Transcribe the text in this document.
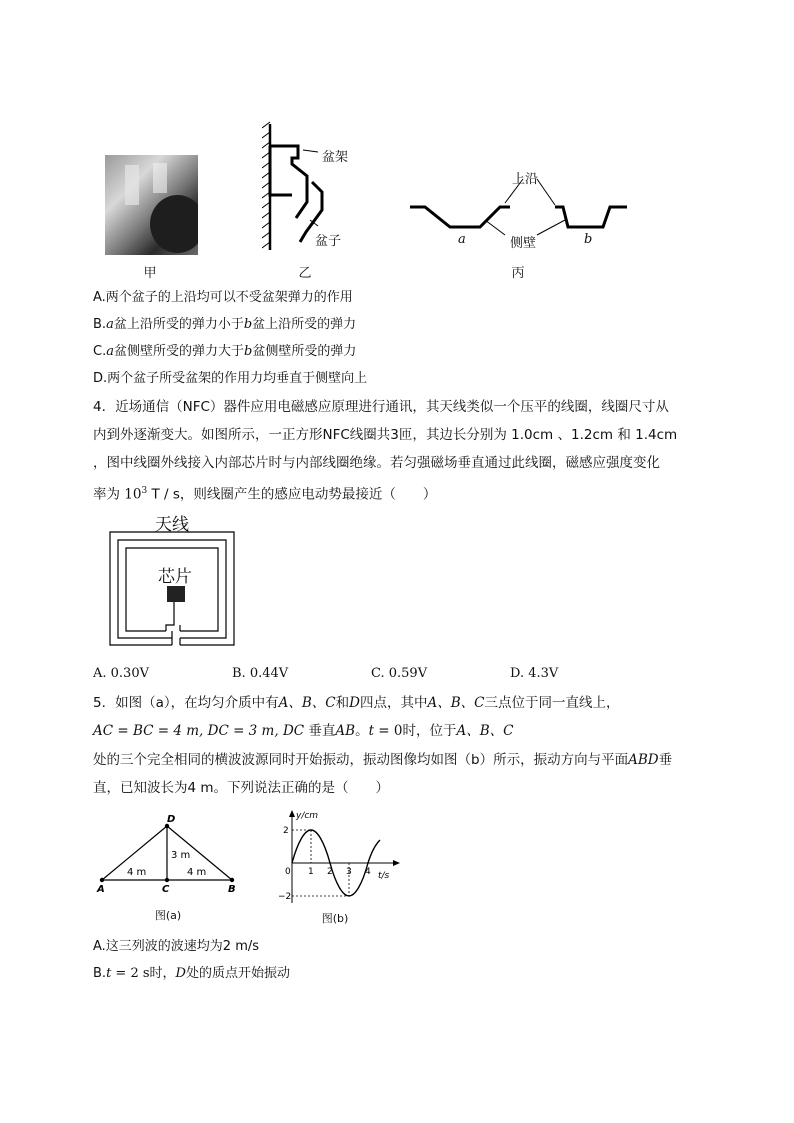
甲
盆架
盆子
乙
上沿
侧壁
a	b
丙
A.两个盆子的上沿均可以不受盆架弹力的作用
B.a盆上沿所受的弹力小于b盆上沿所受的弹力
C.a盆侧壁所受的弹力大于b盆侧壁所受的弹力
D.两个盆子所受盆架的作用力均垂直于侧壁向上
4．近场通信（NFC）器件应用电磁感应原理进行通讯，其天线类似一个压平的线圈，线圈尺寸从
内到外逐渐变大。如图所示，一正方形NFC线圈共3匝，其边长分别为 1.0cm 、1.2cm 和 1.4cm
，图中线圈外线接入内部芯片时与内部线圈绝缘。若匀强磁场垂直通过此线圈，磁感应强度变化
率为 $10^3$ T / s，则线圈产生的感应电动势最接近（　　）
天线
芯片
A. 0.30V	B. 0.44V	C. 0.59V	D. 4.3V
5．如图（a），在均匀介质中有A、B、C和D四点，其中A、B、C三点位于同一直线上，
AC = BC = 4 m, DC = 3 m, DC 垂直AB。t = 0时，位于A、B、C
处的三个完全相同的横波波源同时开始振动，振动图像均如图（b）所示，振动方向与平面ABD垂
直，已知波长为4 m。下列说法正确的是（　　）
D
A	C	B
4 m	4 m
3 m
图(a)
y/cm
t/s
0
2
−2
1 2 3 4
图(b)
A.这三列波的波速均为2 m/s
B.t = 2 s时，D处的质点开始振动
